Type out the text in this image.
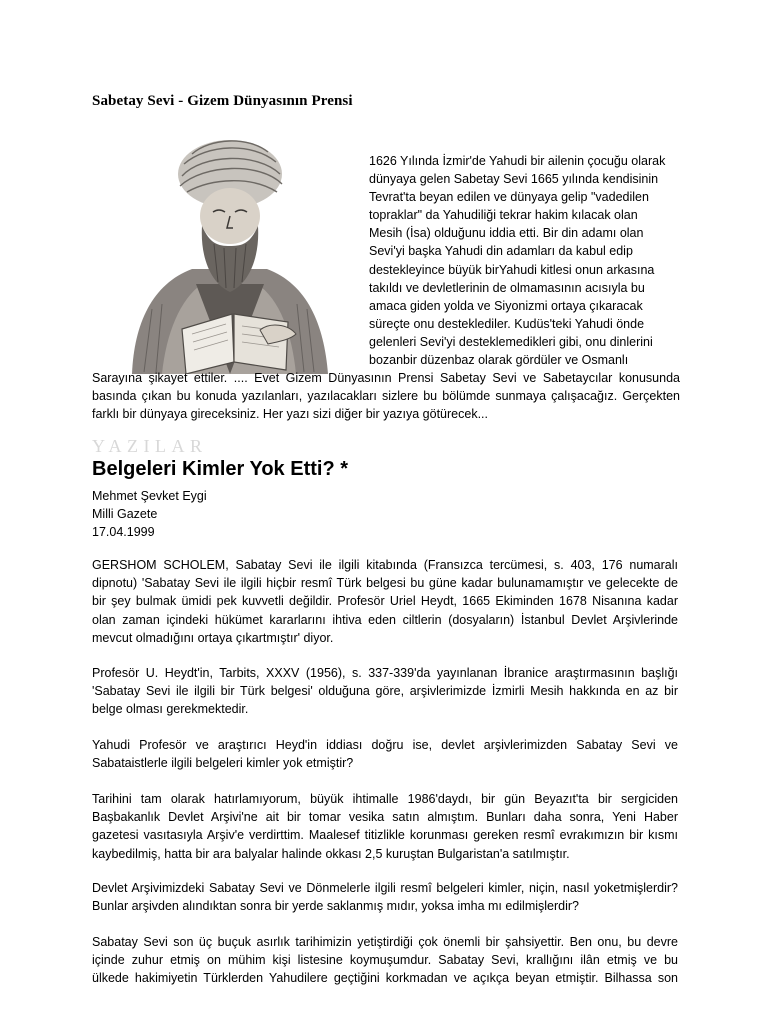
Sabetay Sevi - Gizem Dünyasının Prensi
1626 Yılında İzmir'de Yahudi bir ailenin çocuğu olarak
dünyaya gelen Sabetay Sevi 1665 yılında kendisinin
Tevrat'ta beyan edilen ve dünyaya gelip "vadedilen
topraklar" da Yahudiliği tekrar hakim kılacak olan
Mesih (İsa) olduğunu iddia etti. Bir din adamı olan
Sevi'yi başka Yahudi din adamları da kabul edip
destekleyince büyük birYahudi kitlesi onun arkasına
takıldı ve devletlerinin de olmamasının acısıyla bu
amaca giden yolda ve Siyonizmi ortaya çıkaracak
süreçte onu desteklediler. Kudüs'teki Yahudi önde
gelenleri Sevi'yi desteklemedikleri gibi, onu dinlerini
bozanbir düzenbaz olarak gördüler ve Osmanlı
Sarayına şikayet ettiler. .... Evet Gizem Dünyasının Prensi Sabetay Sevi ve Sabetaycılar konusunda
basında çıkan bu konuda yazılanları, yazılacakları sizlere bu bölümde sunmaya çalışacağız. Gerçekten
farklı bir dünyaya gireceksiniz. Her yazı sizi diğer bir yazıya götürecek...
YAZILAR
Belgeleri Kimler Yok Etti? *
Mehmet Şevket Eygi
Milli Gazete
17.04.1999
GERSHOM SCHOLEM, Sabatay Sevi ile ilgili kitabında (Fransızca tercümesi, s. 403, 176 numaralı
dipnotu) 'Sabatay Sevi ile ilgili hiçbir resmî Türk belgesi bu güne kadar bulunamamıştır ve gelecekte de
bir şey bulmak ümidi pek kuvvetli değildir. Profesör Uriel Heydt, 1665 Ekiminden 1678 Nisanına kadar
olan zaman içindeki hükümet kararlarını ihtiva eden ciltlerin (dosyaların) İstanbul Devlet Arşivlerinde
mevcut olmadığını ortaya çıkartmıştır' diyor.
Profesör U. Heydt'in, Tarbits, XXXV (1956), s. 337-339'da yayınlanan İbranice araştırmasının başlığı
'Sabatay Sevi ile ilgili bir Türk belgesi' olduğuna göre, arşivlerimizde İzmirli Mesih hakkında en az bir
belge olması gerekmektedir.
Yahudi Profesör ve araştırıcı Heyd'in iddiası doğru ise, devlet arşivlerimizden Sabatay Sevi ve
Sabataistlerle ilgili belgeleri kimler yok etmiştir?
Tarihini tam olarak hatırlamıyorum, büyük ihtimalle 1986'daydı, bir gün Beyazıt'ta bir sergiciden
Başbakanlık Devlet Arşivi'ne ait bir tomar vesika satın almıştım. Bunları daha sonra, Yeni Haber
gazetesi vasıtasıyla Arşiv'e verdirttim. Maalesef titizlikle korunması gereken resmî evrakımızın bir kısmı
kaybedilmiş, hatta bir ara balyalar halinde okkası 2,5 kuruştan Bulgaristan'a satılmıştır.
Devlet Arşivimizdeki Sabatay Sevi ve Dönmelerle ilgili resmî belgeleri kimler, niçin, nasıl yoketmişlerdir?
Bunlar arşivden alındıktan sonra bir yerde saklanmış mıdır, yoksa imha mı edilmişlerdir?
Sabatay Sevi son üç buçuk asırlık tarihimizin yetiştirdiği çok önemli bir şahsiyettir. Ben onu, bu devre
içinde zuhur etmiş on mühim kişi listesine koymuşumdur. Sabatay Sevi, krallığını ilân etmiş ve bu
ülkede hakimiyetin Türklerden Yahudilere geçtiğini korkmadan ve açıkça beyan etmiştir. Bilhassa son
